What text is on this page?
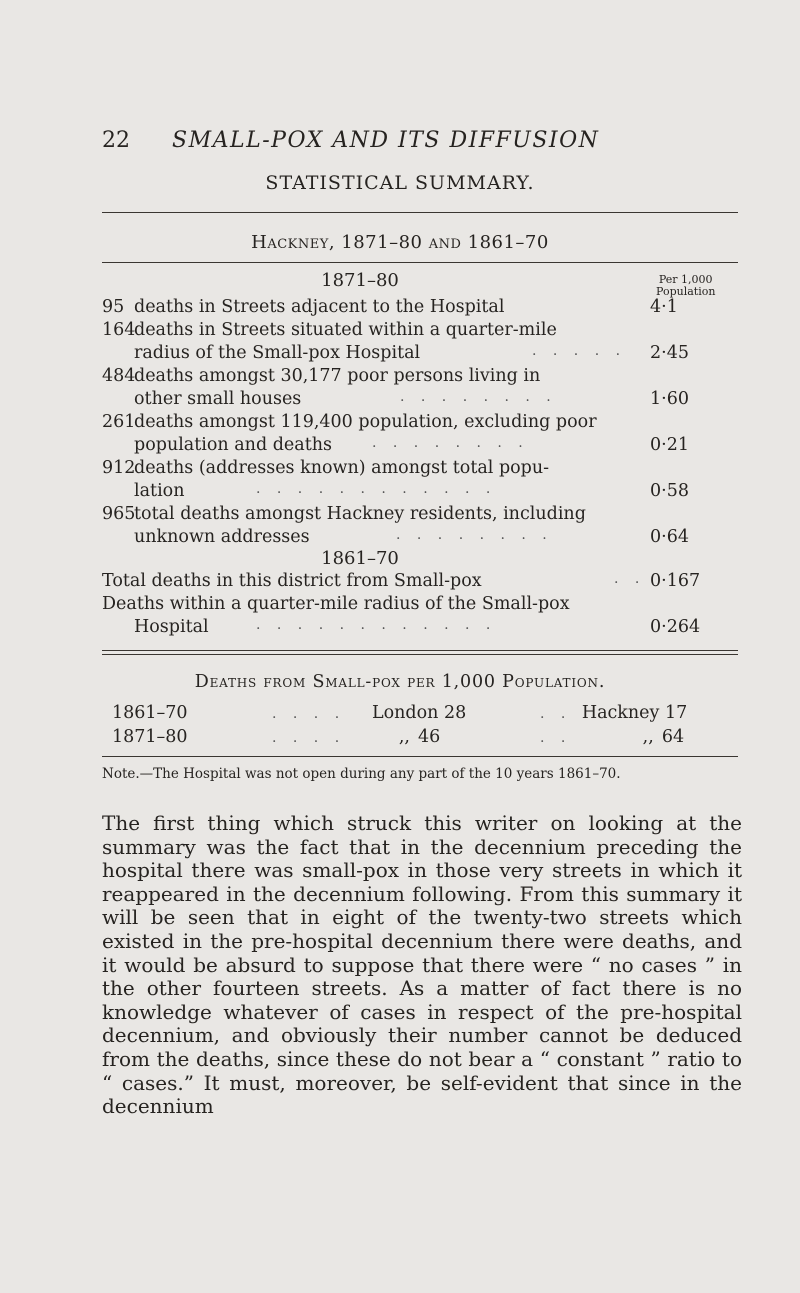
22 SMALL-POX AND ITS DIFFUSION
STATISTICAL SUMMARY.
Hackney, 1871–80 and 1861–70
1871–80	Per 1,000
Population
95 deaths in Streets adjacent to the Hospital	4·1
164deaths in Streets situated within a quarter-mile
radius of the Small-pox Hospital	. . . . . 2·45
484deaths amongst 30,177 poor persons living in
other small houses	. . . . . . . .	1·60
261deaths amongst 119,400 population, excluding poor
population and deaths	. . . . . . . .	0·21
912deaths (addresses known) amongst total popu-
lation	. . . . . . . . . . . .	0·58
965total deaths amongst Hackney residents, including
unknown addresses	. . . . . . . .	0·64
1861–70
Total deaths in this district from Small-pox	. . 0·167
Deaths within a quarter-mile radius of the Small-pox
Hospital	. . . . . . . . . . . .	0·264
Deaths from Small-pox per 1,000 Population.
1861–70	. . . . London 28	. . Hackney 17
1871–80	. . . .	,, 46	. .	,, 64
Note.—The Hospital was not open during any part of the 10 years 1861–70.

The first thing which struck this writer on looking at the summary was the fact that in the decennium preceding the hospital there was small-pox in those very streets in which it reappeared in the decennium following. From this summary it will be seen that in eight of the twenty-two streets which existed in the pre-hospital decennium there were deaths, and it would be absurd to suppose that there were “ no cases ” in the other fourteen streets. As a matter of fact there is no knowledge whatever of cases in respect of the pre-hospital decennium, and obviously their number cannot be deduced from the deaths, since these do not bear a “ constant ” ratio to “ cases.” It must, moreover, be self-evident that since in the decennium
